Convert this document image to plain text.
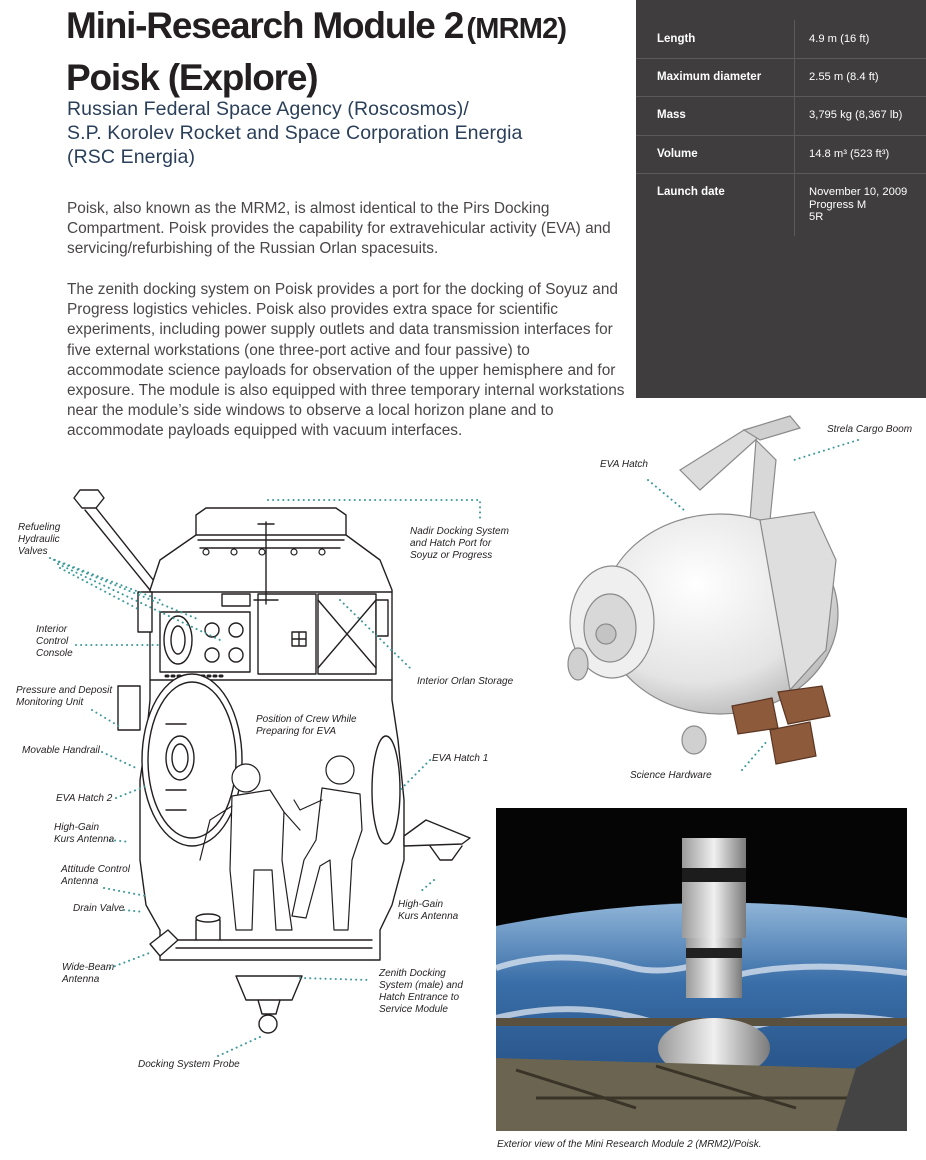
Mini-Research Module 2 (MRM2)
Poisk (Explore)
Russian Federal Space Agency (Roscosmos)/
S.P. Korolev Rocket and Space Corporation Energia
(RSC Energia)

Poisk, also known as the MRM2, is almost identical to the Pirs Docking Compartment. Poisk provides the capability for extravehicular activity (EVA) and servicing/refurbishing of the Russian Orlan spacesuits.

The zenith docking system on Poisk provides a port for the docking of Soyuz and Progress logistics vehicles. Poisk also provides extra space for scientific experiments, including power supply outlets and data transmission interfaces for five external workstations (one three-port active and four passive) to accommodate science payloads for observation of the upper hemisphere and for exposure. The module is also equipped with three temporary internal workstations near the module’s side windows to observe a local horizon plane and to accommodate payloads equipped with vacuum interfaces.

Length	4.9 m (16 ft)
Maximum diameter	2.55 m (8.4 ft)
Mass	3,795 kg (8,367 lb)
Volume	14.8 m³ (523 ft³)
Launch date	November 10, 2009
Progress M
5R
Refueling
Hydraulic
Valves
Interior
Control
Console
Pressure and Deposit
Monitoring Unit
Movable Handrail
EVA Hatch 2
High-Gain
Kurs Antenna
Attitude Control
Antenna
Drain Valve
Wide-Beam
Antenna
Docking System Probe
Nadir Docking System
and Hatch Port for
Soyuz or Progress
Interior Orlan Storage
Position of Crew While
Preparing for EVA
EVA Hatch 1
High-Gain
Kurs Antenna
Zenith Docking
System (male) and
Hatch Entrance to
Service Module
EVA Hatch
Strela Cargo Boom
Science Hardware
Exterior view of the Mini Research Module 2 (MRM2)/Poisk.
